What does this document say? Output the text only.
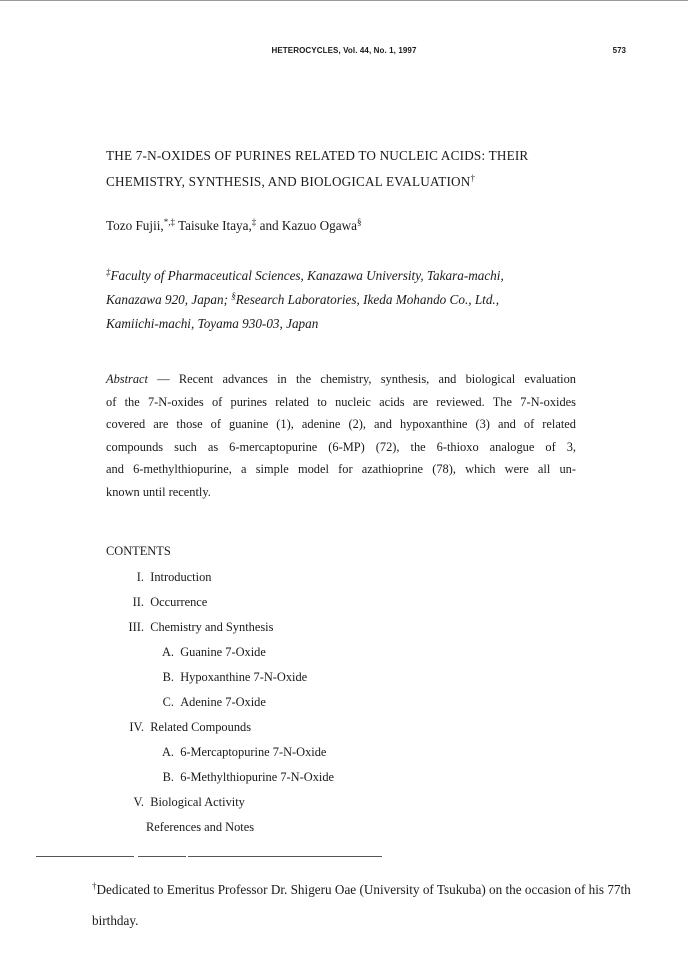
HETEROCYCLES, Vol. 44, No. 1, 1997	573
THE 7-N-OXIDES OF PURINES RELATED TO NUCLEIC ACIDS: THEIR
CHEMISTRY, SYNTHESIS, AND BIOLOGICAL EVALUATION†
Tozo Fujii,*,‡ Taisuke Itaya,‡ and Kazuo Ogawa§
‡Faculty of Pharmaceutical Sciences, Kanazawa University, Takara-machi,
Kanazawa 920, Japan; §Research Laboratories, Ikeda Mohando Co., Ltd.,
Kamiichi-machi, Toyama 930-03, Japan
Abstract — Recent advances in the chemistry, synthesis, and biological evaluation
of the 7-N-oxides of purines related to nucleic acids are reviewed. The 7-N-oxides
covered are those of guanine (1), adenine (2), and hypoxanthine (3) and of related
compounds such as 6-mercaptopurine (6-MP) (72), the 6-thioxo analogue of 3,
and 6-methylthiopurine, a simple model for azathioprine (78), which were all un-
known until recently.
CONTENTS
I. Introduction
II. Occurrence
III. Chemistry and Synthesis
A. Guanine 7-Oxide
B. Hypoxanthine 7-N-Oxide
C. Adenine 7-Oxide
IV. Related Compounds
A. 6-Mercaptopurine 7-N-Oxide
B. 6-Methylthiopurine 7-N-Oxide
V. Biological Activity
References and Notes
†Dedicated to Emeritus Professor Dr. Shigeru Oae (University of Tsukuba) on the occasion of his 77th
birthday.
